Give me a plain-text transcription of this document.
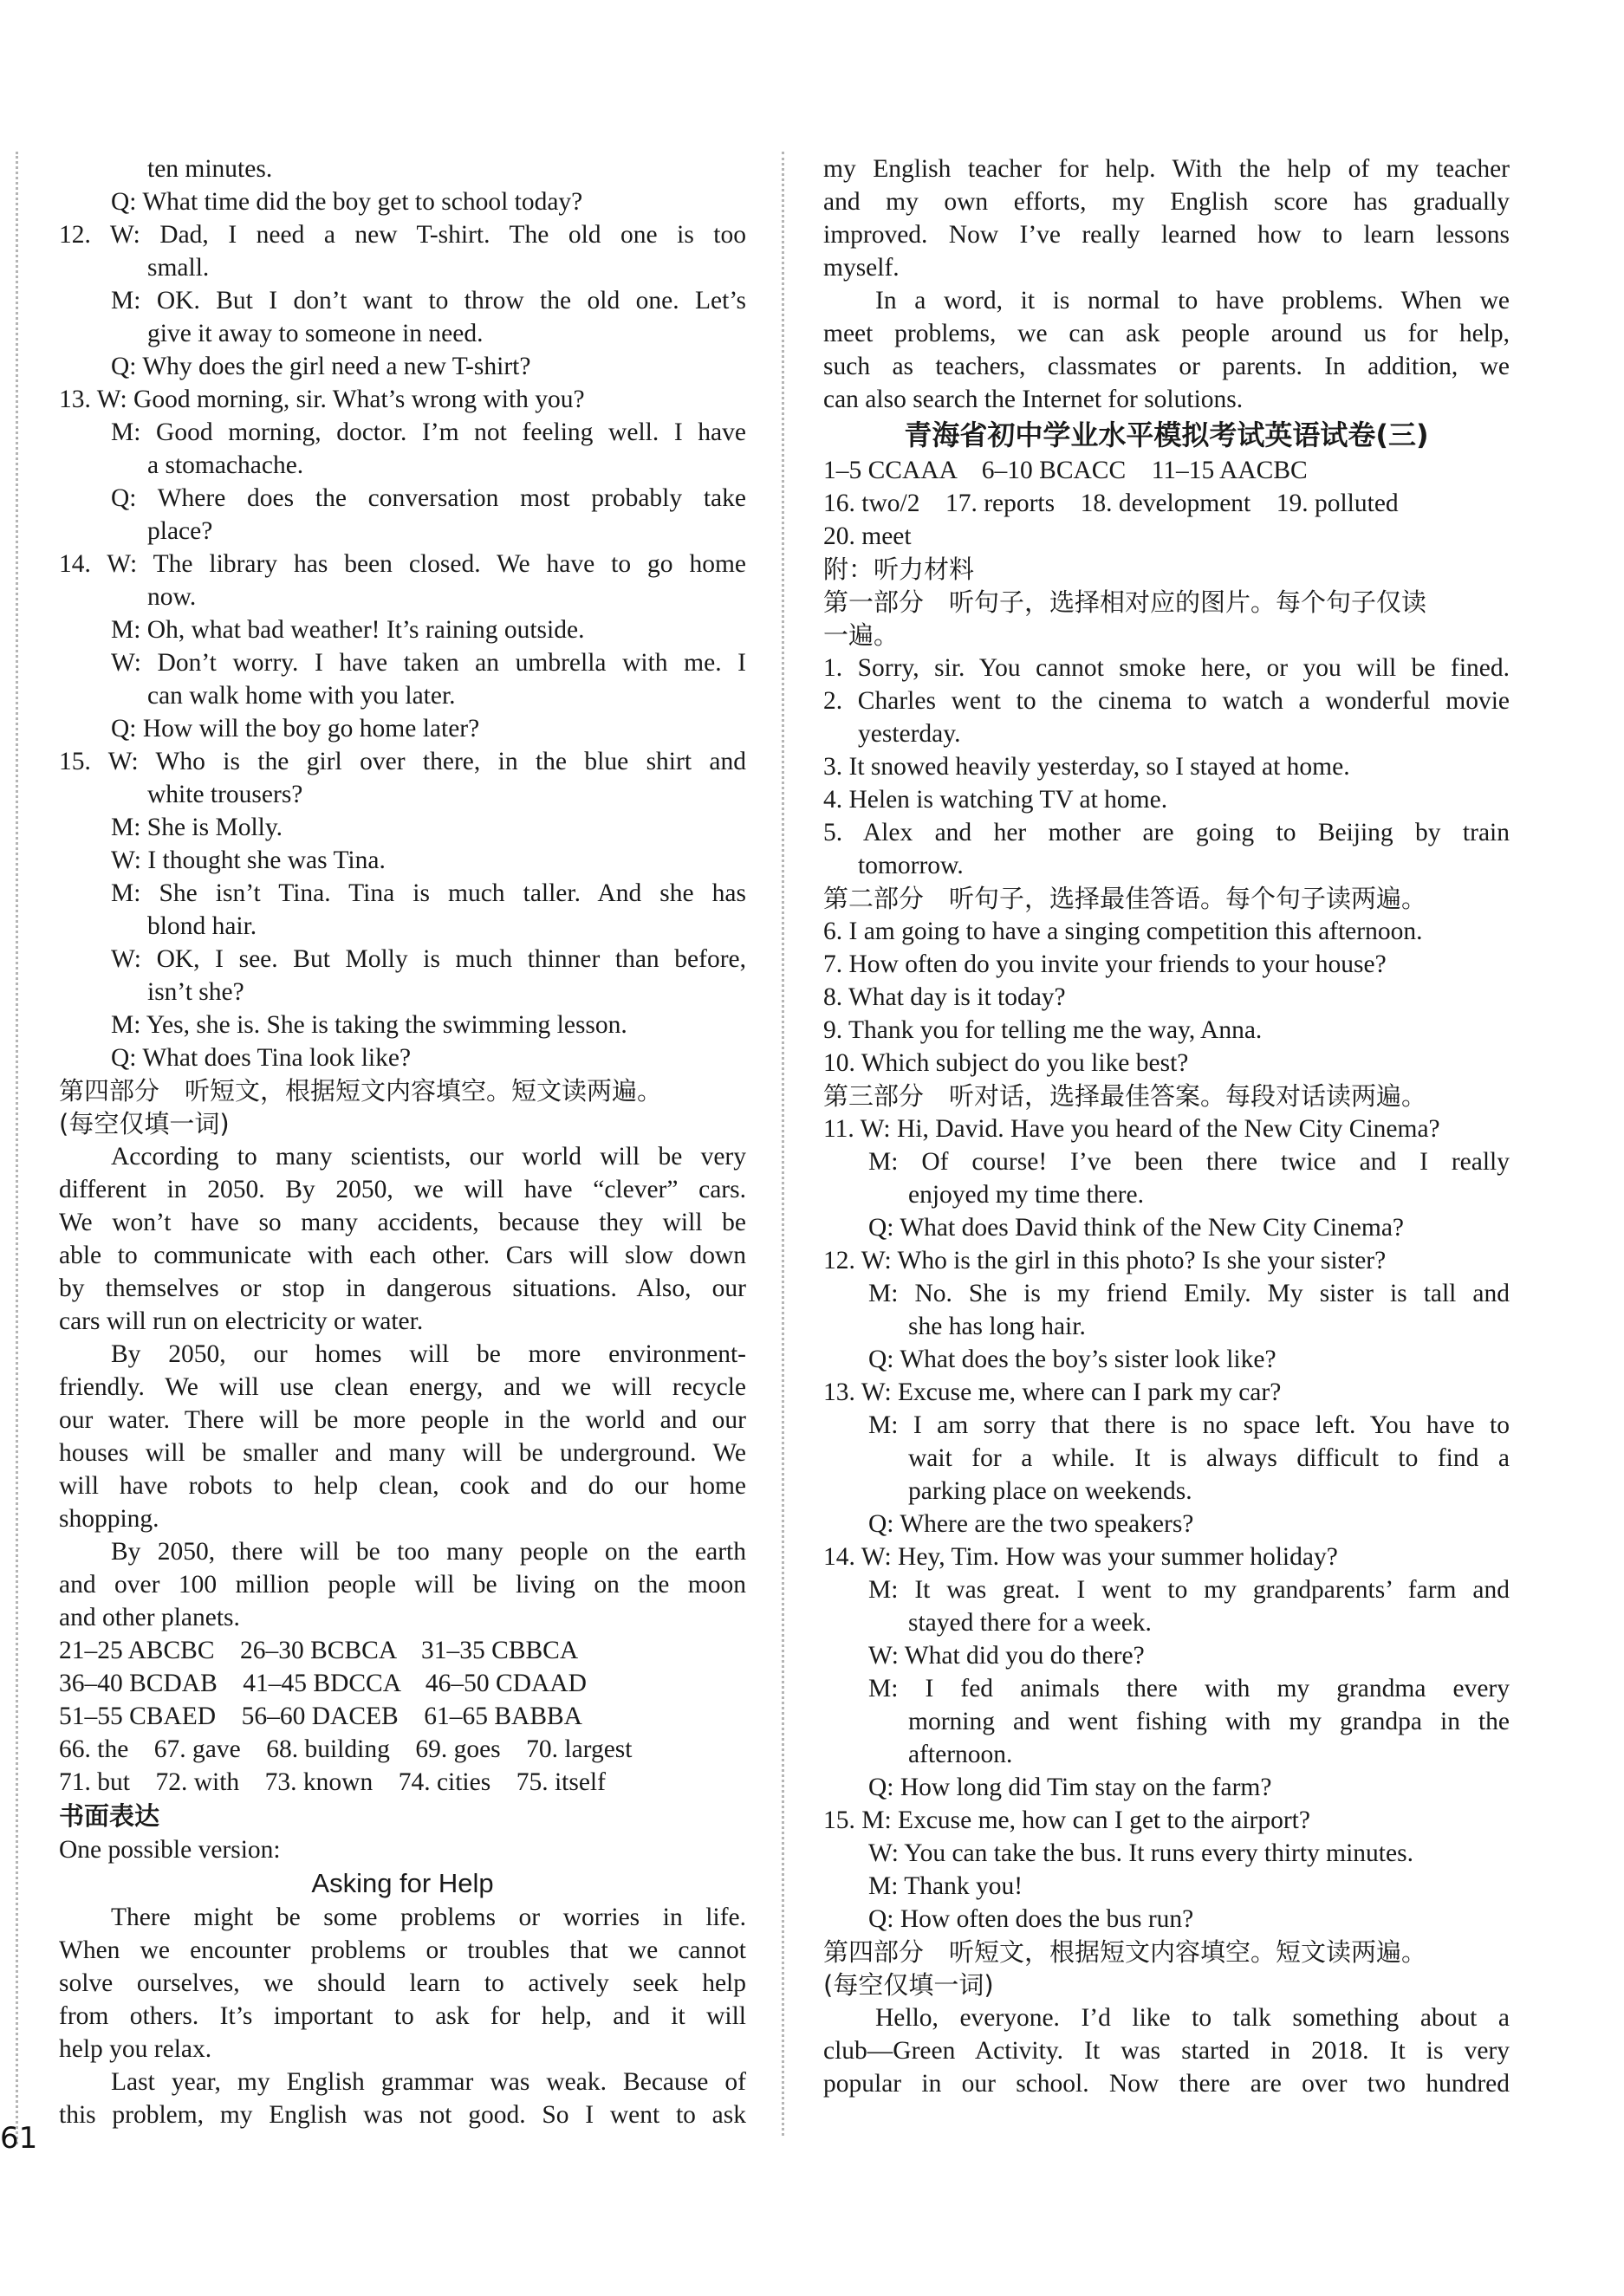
ten minutes.
Q: What time did the boy get to school today?
12. W: Dad, I need a new T-shirt. The old one is too
small.
M: OK. But I don’t want to throw the old one. Let’s
give it away to someone in need.
Q: Why does the girl need a new T-shirt?
13. W: Good morning, sir. What’s wrong with you?
M: Good morning, doctor. I’m not feeling well. I have
a stomachache.
Q: Where does the conversation most probably take
place?
14. W: The library has been closed. We have to go home
now.
M: Oh, what bad weather! It’s raining outside.
W: Don’t worry. I have taken an umbrella with me. I
can walk home with you later.
Q: How will the boy go home later?
15. W: Who is the girl over there, in the blue shirt and
white trousers?
M: She is Molly.
W: I thought she was Tina.
M: She isn’t Tina. Tina is much taller. And she has
blond hair.
W: OK, I see. But Molly is much thinner than before,
isn’t she?
M: Yes, she is. She is taking the swimming lesson.
Q: What does Tina look like?
第四部分　听短文，根据短文内容填空。短文读两遍。
(每空仅填一词)
According to many scientists, our world will be very
different in 2050. By 2050, we will have “clever” cars.
We won’t have so many accidents, because they will be
able to communicate with each other. Cars will slow down
by themselves or stop in dangerous situations. Also, our
cars will run on electricity or water.
By 2050, our homes will be more environment-
friendly. We will use clean energy, and we will recycle
our water. There will be more people in the world and our
houses will be smaller and many will be underground. We
will have robots to help clean, cook and do our home
shopping.
By 2050, there will be too many people on the earth
and over 100 million people will be living on the moon
and other planets.
21–25 ABCBC　26–30 BCBCA　31–35 CBBCA
36–40 BCDAB　41–45 BDCCA　46–50 CDAAD
51–55 CBAED　56–60 DACEB　61–65 BABBA
66. the　67. gave　68. building　69. goes　70. largest
71. but　72. with　73. known　74. cities　75. itself
书面表达
One possible version:
Asking for Help
There might be some problems or worries in life.
When we encounter problems or troubles that we cannot
solve ourselves, we should learn to actively seek help
from others. It’s important to ask for help, and it will
help you relax.
Last year, my English grammar was weak. Because of
this problem, my English was not good. So I went to ask
my English teacher for help. With the help of my teacher
and my own efforts, my English score has gradually
improved. Now I’ve really learned how to learn lessons
myself.
In a word, it is normal to have problems. When we
meet problems, we can ask people around us for help,
such as teachers, classmates or parents. In addition, we
can also search the Internet for solutions.
青海省初中学业水平模拟考试英语试卷(三)
1–5 CCAAA　6–10 BCACC　11–15 AACBC
16. two/2　17. reports　18. development　19. polluted
20. meet
附：听力材料
第一部分　听句子，选择相对应的图片。每个句子仅读
一遍。
1. Sorry, sir. You cannot smoke here, or you will be fined.
2. Charles went to the cinema to watch a wonderful movie
yesterday.
3. It snowed heavily yesterday, so I stayed at home.
4. Helen is watching TV at home.
5. Alex and her mother are going to Beijing by train
tomorrow.
第二部分　听句子，选择最佳答语。每个句子读两遍。
6. I am going to have a singing competition this afternoon.
7. How often do you invite your friends to your house?
8. What day is it today?
9. Thank you for telling me the way, Anna.
10. Which subject do you like best?
第三部分　听对话，选择最佳答案。每段对话读两遍。
11. W: Hi, David. Have you heard of the New City Cinema?
M: Of course! I’ve been there twice and I really
enjoyed my time there.
Q: What does David think of the New City Cinema?
12. W: Who is the girl in this photo? Is she your sister?
M: No. She is my friend Emily. My sister is tall and
she has long hair.
Q: What does the boy’s sister look like?
13. W: Excuse me, where can I park my car?
M: I am sorry that there is no space left. You have to
wait for a while. It is always difficult to find a
parking place on weekends.
Q: Where are the two speakers?
14. W: Hey, Tim. How was your summer holiday?
M: It was great. I went to my grandparents’ farm and
stayed there for a week.
W: What did you do there?
M: I fed animals there with my grandma every
morning and went fishing with my grandpa in the
afternoon.
Q: How long did Tim stay on the farm?
15. M: Excuse me, how can I get to the airport?
W: You can take the bus. It runs every thirty minutes.
M: Thank you!
Q: How often does the bus run?
第四部分　听短文，根据短文内容填空。短文读两遍。
(每空仅填一词)
Hello, everyone. I’d like to talk something about a
club—Green Activity. It was started in 2018. It is very
popular in our school. Now there are over two hundred
61
